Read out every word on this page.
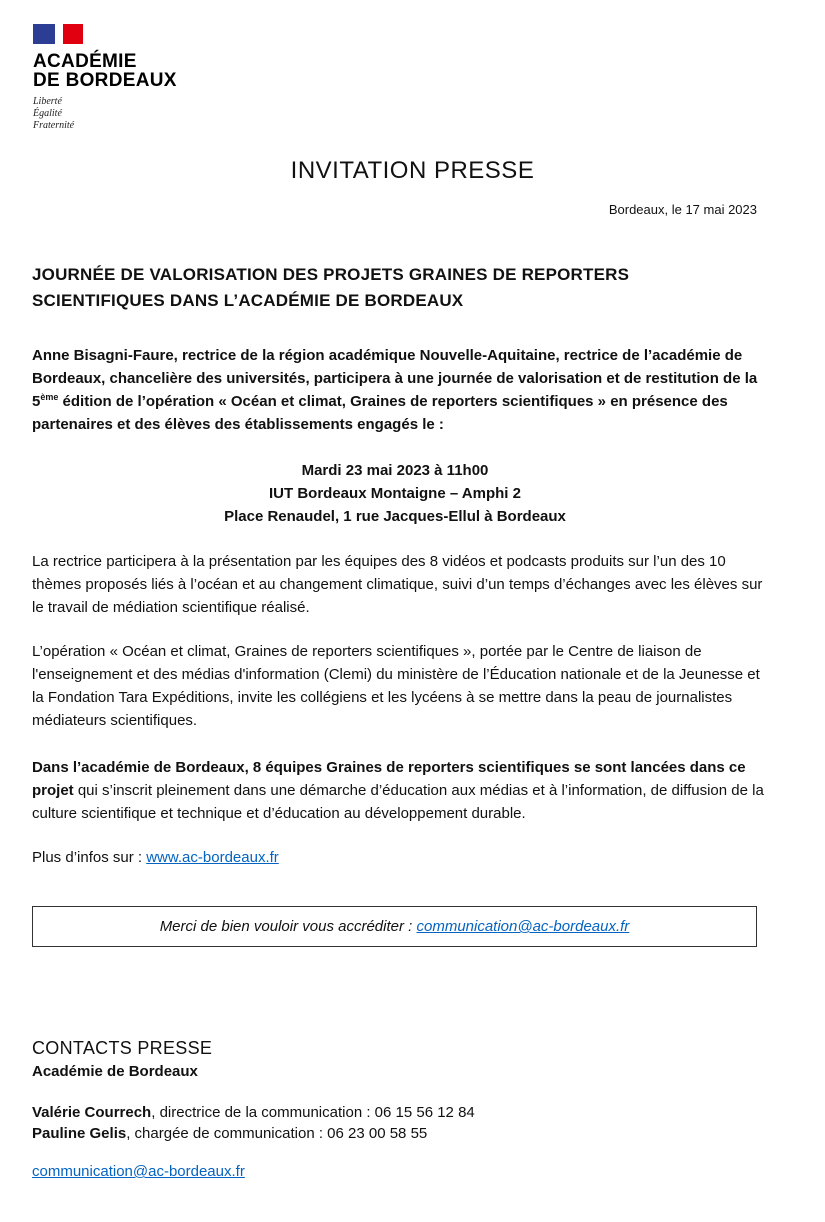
ACADÉMIE
DE BORDEAUX
Liberté
Égalité
Fraternité
INVITATION PRESSE
Bordeaux, le 17 mai 2023
JOURNÉE DE VALORISATION DES PROJETS GRAINES DE REPORTERS
SCIENTIFIQUES DANS L’ACADÉMIE DE BORDEAUX
Anne Bisagni-Faure, rectrice de la région académique Nouvelle-Aquitaine, rectrice de l’académie de Bordeaux, chancelière des universités, participera à une journée de valorisation et de restitution de la 5ème édition de l’opération « Océan et climat, Graines de reporters scientifiques » en présence des partenaires et des élèves des établissements engagés le :
Mardi 23 mai 2023 à 11h00
IUT Bordeaux Montaigne – Amphi 2
Place Renaudel, 1 rue Jacques-Ellul à Bordeaux
La rectrice participera à la présentation par les équipes des 8 vidéos et podcasts produits sur l’un des 10 thèmes proposés liés à l’océan et au changement climatique, suivi d’un temps d’échanges avec les élèves sur le travail de médiation scientifique réalisé.
L’opération « Océan et climat, Graines de reporters scientifiques », portée par le Centre de liaison de l'enseignement et des médias d'information (Clemi) du ministère de l’Éducation nationale et de la Jeunesse et la Fondation Tara Expéditions, invite les collégiens et les lycéens à se mettre dans la peau de journalistes médiateurs scientifiques.
Dans l’académie de Bordeaux, 8 équipes Graines de reporters scientifiques se sont lancées dans ce projet qui s’inscrit pleinement dans une démarche d’éducation aux médias et à l’information, de diffusion de la culture scientifique et technique et d’éducation au développement durable.
Plus d’infos sur : www.ac-bordeaux.fr
Merci de bien vouloir vous accréditer :
communication@ac-bordeaux.fr
CONTACTS PRESSE
Académie de Bordeaux
Valérie Courrech, directrice de la communication : 06 15 56 12 84
Pauline Gelis, chargée de communication : 06 23 00 58 55
communication@ac-bordeaux.fr
